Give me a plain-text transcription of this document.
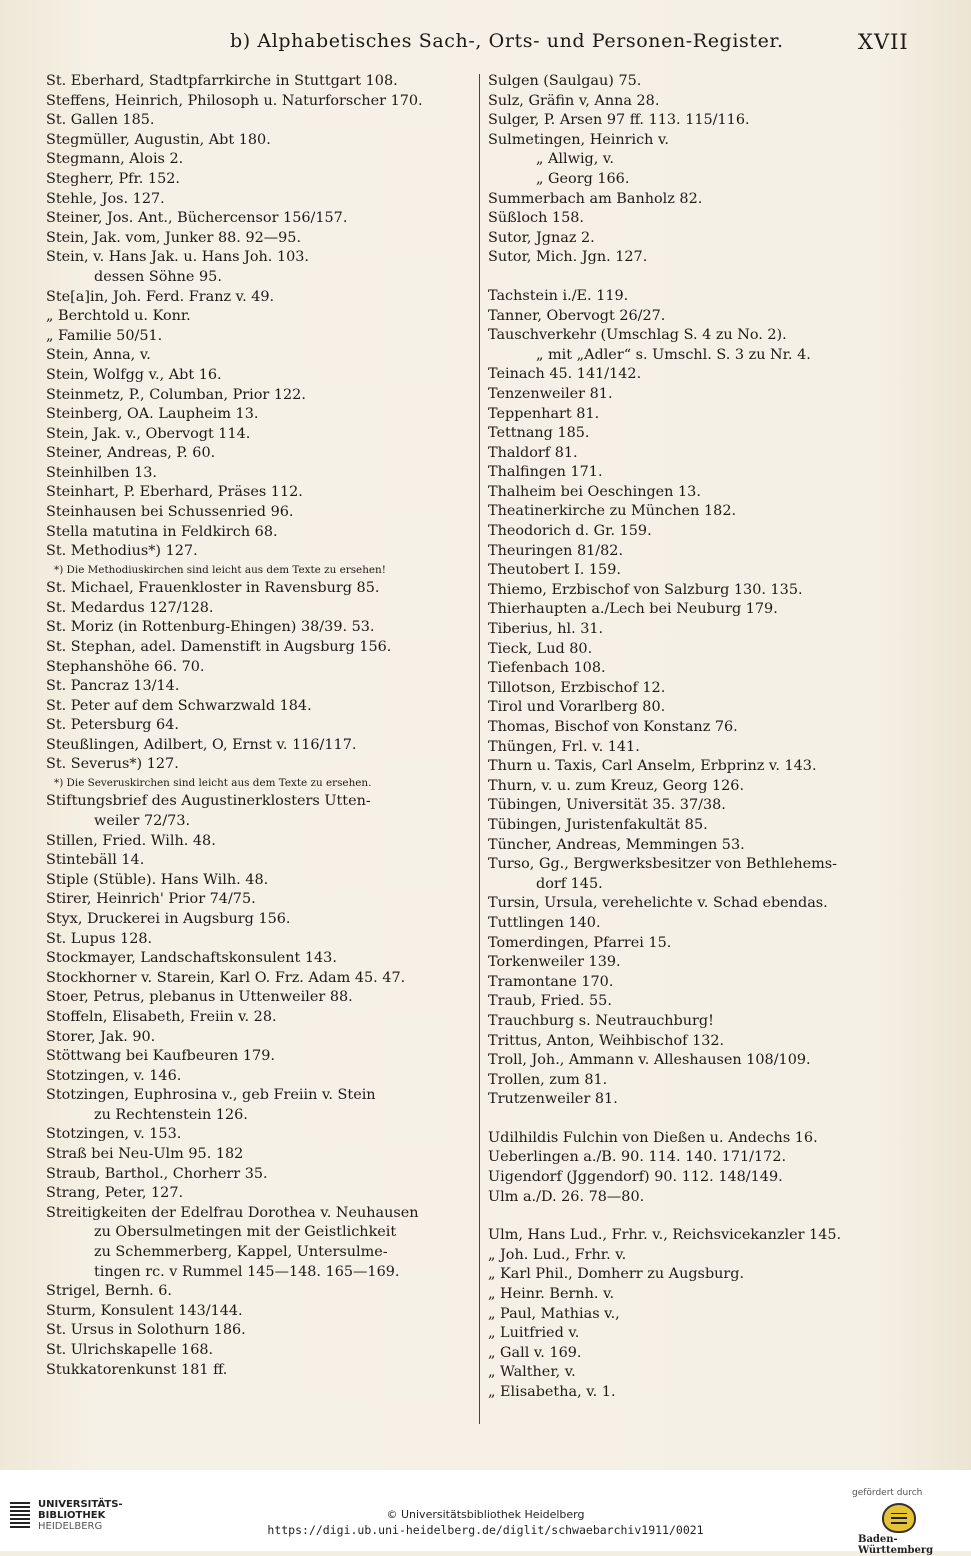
b) Alphabetisches Sach-, Orts- und Personen-Register.	XVII
St. Eberhard, Stadtpfarrkirche in Stuttgart 108.
Steffens, Heinrich, Philosoph u. Naturforscher 170.
St. Gallen 185.
Stegmüller, Augustin, Abt 180.
Stegmann, Alois 2.
Stegherr, Pfr. 152.
Stehle, Jos. 127.
Steiner, Jos. Ant., Büchercensor 156/157.
Stein, Jak. vom, Junker 88. 92—95.
Stein, v. Hans Jak. u. Hans Joh. 103.
dessen Söhne 95.
Ste[a]in, Joh. Ferd. Franz v. 49.
„ Berchtold u. Konr.
„ Familie 50/51.
Stein, Anna, v.
Stein, Wolfgg v., Abt 16.
Steinmetz, P., Columban, Prior 122.
Steinberg, OA. Laupheim 13.
Stein, Jak. v., Obervogt 114.
Steiner, Andreas, P. 60.
Steinhilben 13.
Steinhart, P. Eberhard, Präses 112.
Steinhausen bei Schussenried 96.
Stella matutina in Feldkirch 68.
St. Methodius*) 127.
*) Die Methodiuskirchen sind leicht aus dem Texte zu ersehen!
St. Michael, Frauenkloster in Ravensburg 85.
St. Medardus 127/128.
St. Moriz (in Rottenburg-Ehingen) 38/39. 53.
St. Stephan, adel. Damenstift in Augsburg 156.
Stephanshöhe 66. 70.
St. Pancraz 13/14.
St. Peter auf dem Schwarzwald 184.
St. Petersburg 64.
Steußlingen, Adilbert, O, Ernst v. 116/117.
St. Severus*) 127.
*) Die Severuskirchen sind leicht aus dem Texte zu ersehen.
Stiftungsbrief des Augustinerklosters Utten-
weiler 72/73.
Stillen, Fried. Wilh. 48.
Stintebäll 14.
Stiple (Stüble). Hans Wilh. 48.
Stirer, Heinrich' Prior 74/75.
Styx, Druckerei in Augsburg 156.
St. Lupus 128.
Stockmayer, Landschaftskonsulent 143.
Stockhorner v. Starein, Karl O. Frz. Adam 45. 47.
Stoer, Petrus, plebanus in Uttenweiler 88.
Stoffeln, Elisabeth, Freiin v. 28.
Storer, Jak. 90.
Stöttwang bei Kaufbeuren 179.
Stotzingen, v. 146.
Stotzingen, Euphrosina v., geb Freiin v. Stein
zu Rechtenstein 126.
Stotzingen, v. 153.
Straß bei Neu-Ulm 95. 182
Straub, Barthol., Chorherr 35.
Strang, Peter, 127.
Streitigkeiten der Edelfrau Dorothea v. Neuhausen
zu Obersulmetingen mit der Geistlichkeit
zu Schemmerberg, Kappel, Untersulme-
tingen rc. v Rummel 145—148. 165—169.
Strigel, Bernh. 6.
Sturm, Konsulent 143/144.
St. Ursus in Solothurn 186.
St. Ulrichskapelle 168.
Stukkatorenkunst 181 ff.
Sulgen (Saulgau) 75.
Sulz, Gräfin v, Anna 28.
Sulger, P. Arsen 97 ff. 113. 115/116.
Sulmetingen, Heinrich v.
„ Allwig, v.
„ Georg 166.
Summerbach am Banholz 82.
Süßloch 158.
Sutor, Jgnaz 2.
Sutor, Mich. Jgn. 127.
Tachstein i./E. 119.
Tanner, Obervogt 26/27.
Tauschverkehr (Umschlag S. 4 zu No. 2).
„ mit „Adler“ s. Umschl. S. 3 zu Nr. 4.
Teinach 45. 141/142.
Tenzenweiler 81.
Teppenhart 81.
Tettnang 185.
Thaldorf 81.
Thalfingen 171.
Thalheim bei Oeschingen 13.
Theatinerkirche zu München 182.
Theodorich d. Gr. 159.
Theuringen 81/82.
Theutobert I. 159.
Thiemo, Erzbischof von Salzburg 130. 135.
Thierhaupten a./Lech bei Neuburg 179.
Tiberius, hl. 31.
Tieck, Lud 80.
Tiefenbach 108.
Tillotson, Erzbischof 12.
Tirol und Vorarlberg 80.
Thomas, Bischof von Konstanz 76.
Thüngen, Frl. v. 141.
Thurn u. Taxis, Carl Anselm, Erbprinz v. 143.
Thurn, v. u. zum Kreuz, Georg 126.
Tübingen, Universität 35. 37/38.
Tübingen, Juristenfakultät 85.
Tüncher, Andreas, Memmingen 53.
Turso, Gg., Bergwerksbesitzer von Bethlehems-
dorf 145.
Tursin, Ursula, verehelichte v. Schad ebendas.
Tuttlingen 140.
Tomerdingen, Pfarrei 15.
Torkenweiler 139.
Tramontane 170.
Traub, Fried. 55.
Trauchburg s. Neutrauchburg!
Trittus, Anton, Weihbischof 132.
Troll, Joh., Ammann v. Alleshausen 108/109.
Trollen, zum 81.
Trutzenweiler 81.
Udilhildis Fulchin von Dießen u. Andechs 16.
Ueberlingen a./B. 90. 114. 140. 171/172.
Uigendorf (Jggendorf) 90. 112. 148/149.
Ulm a./D. 26. 78—80.
Ulm, Hans Lud., Frhr. v., Reichsvicekanzler 145.
„ Joh. Lud., Frhr. v.
„ Karl Phil., Domherr zu Augsburg.
„ Heinr. Bernh. v.
„ Paul, Mathias v.,
„ Luitfried v.
„ Gall v. 169.
„ Walther, v.
„ Elisabetha, v. 1.
UNIVERSITÄTS-
BIBLIOTHEK
HEIDELBERG
© Universitätsbibliothek Heidelberg
https://digi.ub.uni-heidelberg.de/diglit/schwaebarchiv1911/0021
gefördert durch
Baden-Württemberg
